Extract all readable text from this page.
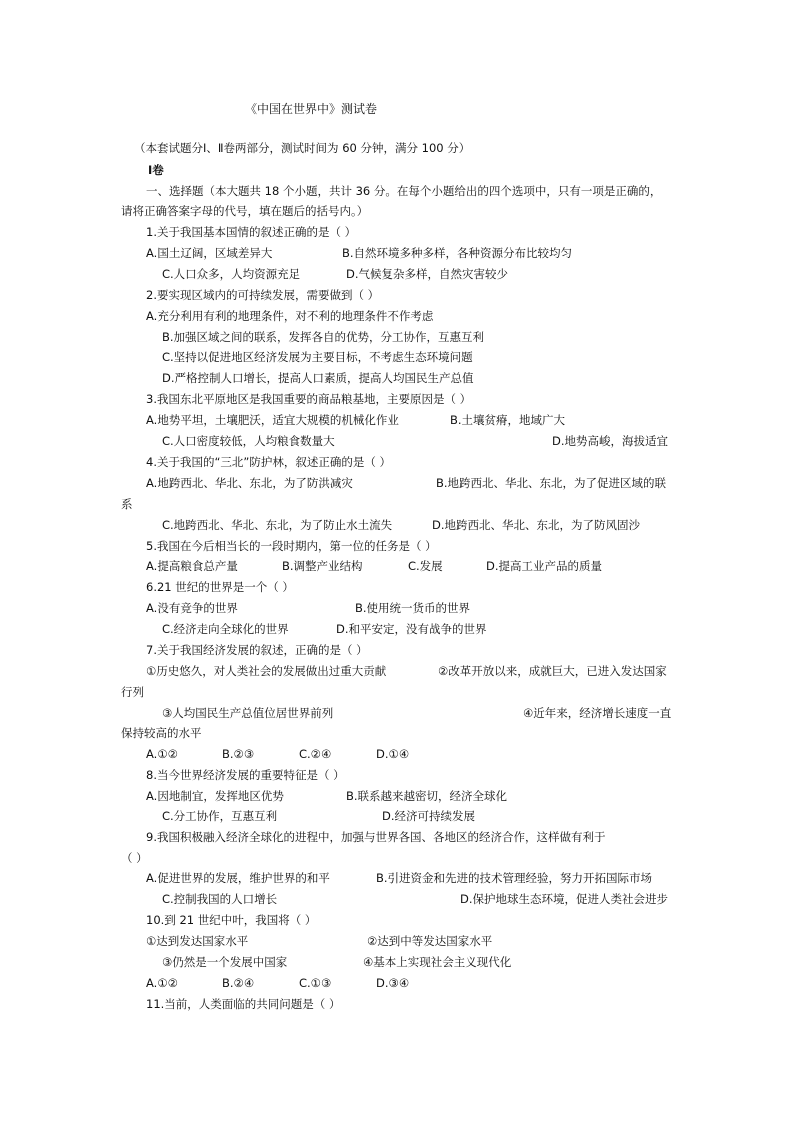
《中国在世界中》测试卷
（本套试题分Ⅰ、Ⅱ卷两部分，测试时间为 60 分钟，满分 100 分）
Ⅰ卷
一、选择题（本大题共 18 个小题，共计 36 分。在每个小题给出的四个选项中，只有一项是正确的，
请将正确答案字母的代号，填在题后的括号内。）
1.关于我国基本国情的叙述正确的是（ ）
A.国土辽阔，区域差异大	B.自然环境多种多样，各种资源分布比较均匀
C.人口众多，人均资源充足	D.气候复杂多样，自然灾害较少
2.要实现区域内的可持续发展，需要做到（ ）
A.充分利用有利的地理条件，对不利的地理条件不作考虑
B.加强区域之间的联系，发挥各自的优势，分工协作，互惠互利
C.坚持以促进地区经济发展为主要目标，不考虑生态环境问题
D.严格控制人口增长，提高人口素质，提高人均国民生产总值
3.我国东北平原地区是我国重要的商品粮基地，主要原因是（ ）
A.地势平坦，土壤肥沃，适宜大规模的机械化作业	B.土壤贫瘠，地域广大
C.人口密度较低，人均粮食数量大	D.地势高峻，海拔适宜
4.关于我国的“三北”防护林，叙述正确的是（ ）
A.地跨西北、华北、东北，为了防洪减灾	B.地跨西北、华北、东北，为了促进区域的联
系
C.地跨西北、华北、东北，为了防止水土流失	D.地跨西北、华北、东北，为了防风固沙
5.我国在今后相当长的一段时期内，第一位的任务是（ ）
A.提高粮食总产量	B.调整产业结构	C.发展	D.提高工业产品的质量
6.21 世纪的世界是一个（ ）
A.没有竞争的世界	B.使用统一货币的世界
C.经济走向全球化的世界	D.和平安定，没有战争的世界
7.关于我国经济发展的叙述，正确的是（ ）
①历史悠久，对人类社会的发展做出过重大贡献	②改革开放以来，成就巨大，已进入发达国家
行列
③人均国民生产总值位居世界前列	④近年来，经济增长速度一直
保持较高的水平
A.①②	B.②③	C.②④	D.①④
8.当今世界经济发展的重要特征是（ ）
A.因地制宜，发挥地区优势	B.联系越来越密切，经济全球化
C.分工协作，互惠互利	D.经济可持续发展
9.我国积极融入经济全球化的进程中，加强与世界各国、各地区的经济合作，这样做有利于
（ ）
A.促进世界的发展，维护世界的和平	B.引进资金和先进的技术管理经验，努力开拓国际市场
C.控制我国的人口增长	D.保护地球生态环境，促进人类社会进步
10.到 21 世纪中叶，我国将（ ）
①达到发达国家水平	②达到中等发达国家水平
③仍然是一个发展中国家	④基本上实现社会主义现代化
A.①②	B.②④	C.①③	D.③④
11.当前，人类面临的共同问题是（ ）
